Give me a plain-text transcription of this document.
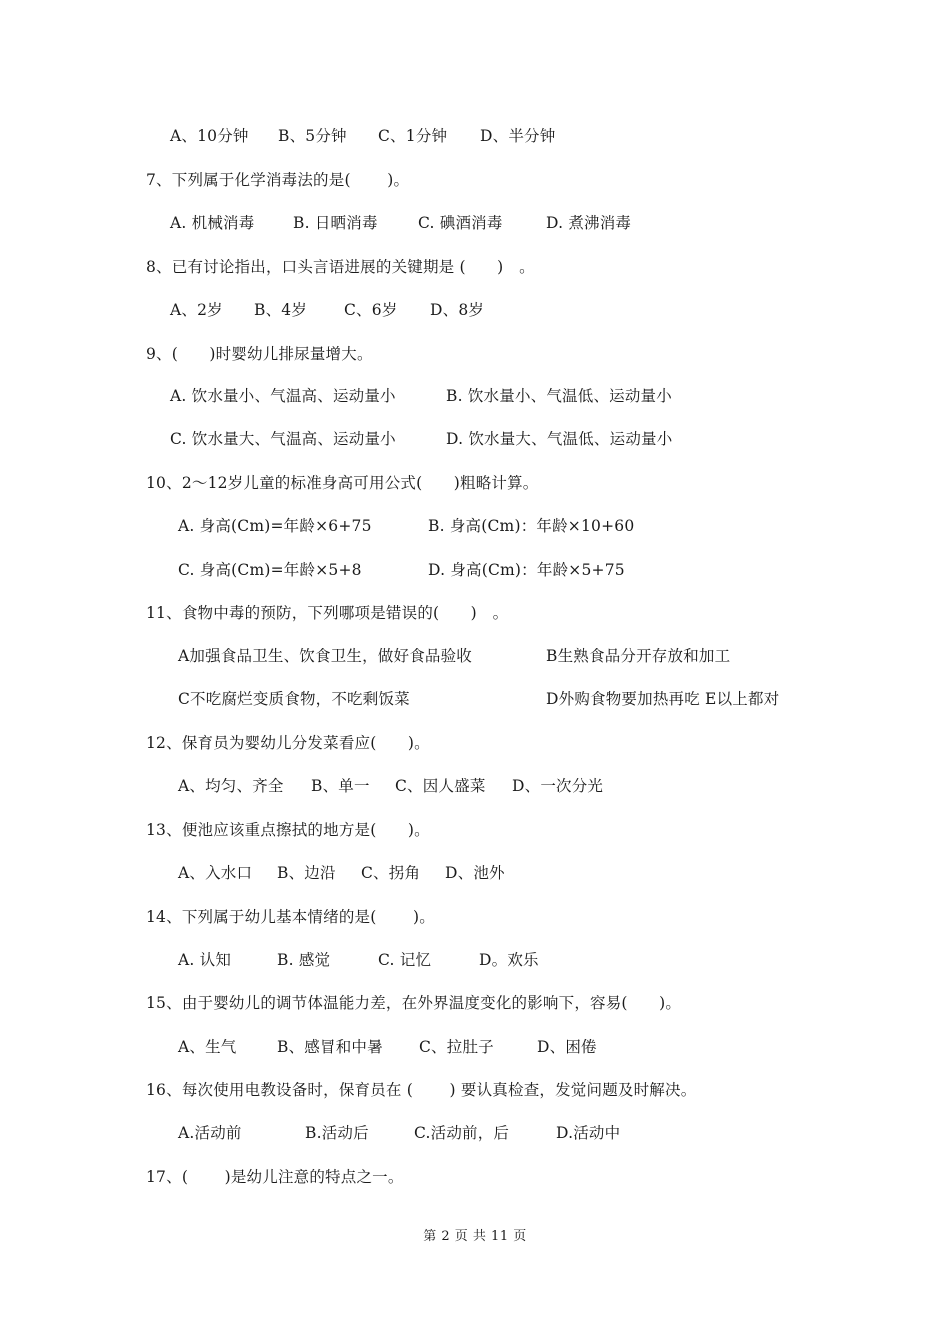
第 2 页 共 11 页
A、10分钟 B、5分钟 C、1分钟 D、半分钟
7、下列属于化学消毒法的是(　　 )。
A. 机械消毒 B. 日晒消毒	C. 碘酒消毒	D. 煮沸消毒
8、已有讨论指出，口头言语进展的关键期是 (　　)　。
A、2岁 B、4岁 C、6岁 D、8岁
9、(　　)时婴幼儿排尿量增大。
A. 饮水量小、气温高、运动量小	B. 饮水量小、气温低、运动量小
C. 饮水量大、气温高、运动量小	D. 饮水量大、气温低、运动量小
10、2～12岁儿童的标准身高可用公式(　　)粗略计算。
A. 身高(Cm)=年龄×6+75	B. 身高(Cm)：年龄×10+60
C. 身高(Cm)=年龄×5+8	D. 身高(Cm)：年龄×5+75
11、食物中毒的预防，下列哪项是错误的(　　)　。
A加强食品卫生、饮食卫生，做好食品验收	B生熟食品分开存放和加工
C不吃腐烂变质食物，不吃剩饭菜	D外购食物要加热再吃 E以上都对
12、保育员为婴幼儿分发菜看应(　　)。
A、均匀、齐全 B、单一 C、因人盛菜 D、一次分光
13、便池应该重点擦拭的地方是(　　)。
A、入水口 B、边沿 C、拐角 D、池外
14、下列属于幼儿基本情绪的是(　　 )。
A. 认知	B. 感觉	C. 记忆	D。欢乐
15、由于婴幼儿的调节体温能力差，在外界温度变化的影响下，容易(　　)。
A、生气	B、感冒和中暑 C、拉肚子	D、困倦
16、每次使用电教设备时，保育员在 (　　 ) 要认真检查，发觉问题及时解决。
A.活动前	B.活动后	C.活动前，后	D.活动中
17、(　　 )是幼儿注意的特点之一。
